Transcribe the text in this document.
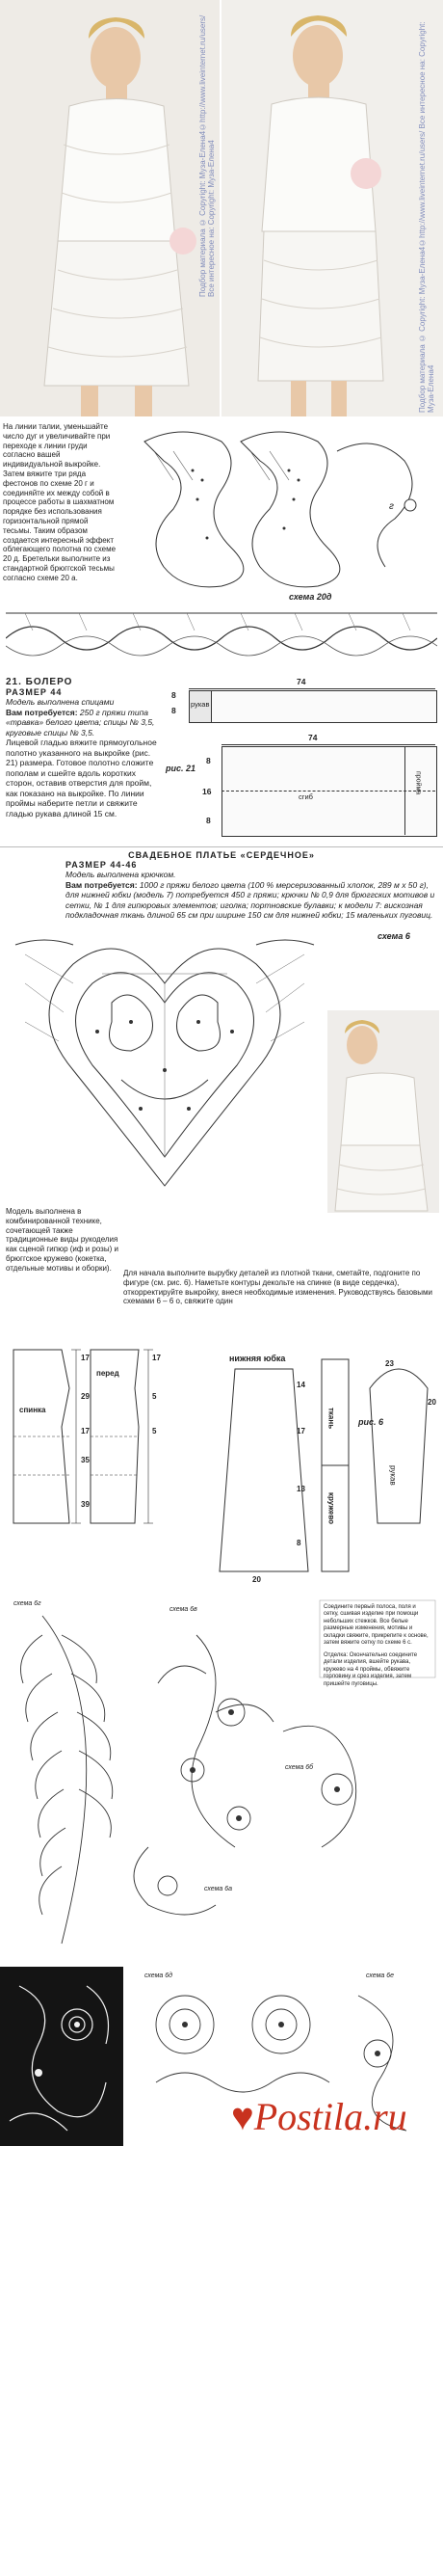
Подбор материала © Copyright: Муза-Елена4©http://www.liveinternet.ru/users/ Все интересное на: Copyright: Муза-Елена4	Подбор материала © Copyright: Муза-Елена4©http://www.liveinternet.ru/users/ Все интересное на: Copyright: Муза-Елена4
На линии талии, уменьшайте число дуг и увеличивайте при переходе к линии груди согласно вашей индивидуальной выкройке. Затем вяжите три ряда фестонов по схеме 20 г и соединяйте их между собой в процессе работы в шахматном порядке без использования горизонтальной прямой тесьмы. Таким образом создается интересный эффект облегающего полотна по схеме 20 д. Бретельки выполните из стандартной брюггской тесьмы согласно схеме 20 а.
г
схема 20д
21. БОЛЕРО
РАЗМЕР 44
Модель выполнена спицами
Вам потребуется: 250 г пряжи типа «травка» белого цвета; спицы № 3,5, круговые спицы № 3,5.
Лицевой гладью вяжите прямоугольное полотно указанного на выкройке (рис. 21) размера. Готовое полотно сложите пополам и сшейте вдоль коротких сторон, оставив отверстия для пройм, как показано на выкройке. По линии проймы наберите петли и свяжите гладью рукава длиной 15 см.
74
рукав
8
8
рис. 21
74
сгиб
пройма
8
16
8
СВАДЕБНОЕ ПЛАТЬЕ «СЕРДЕЧНОЕ»
РАЗМЕР 44-46
Модель выполнена крючком.
Вам потребуется: 1000 г пряжи белого цвета (100 % мерсеризованный хлопок, 289 м x 50 г), для нижней юбки (модель 7) потребуется 450 г пряжи; крючки № 0,9 для брюггских мотивов и сетки, № 1 для гипюровых элементов; иголка; портновские булавки; к модели 7: вискозная подкладочная ткань длиной 65 см при ширине 150 см для нижней юбки; 15 маленьких пуговиц.
схема 6
Модель выполнена в комбинированной технике, сочетающей также традиционные виды рукоделия как сценой гипюр (иф и розы) и брюггское кружево (кокетка, отдельные мотивы и оборки).
Для начала выполните вырубку деталей из плотной ткани, сметайте, подгоните по фигуре (см. рис. 6). Наметьте контуры декольте на спинке (в виде сердечка), откорректируйте выкройку, внеся необходимые изменения. Руководствуясь базовыми схемами 6 – 6 о, свяжите один
спинка
перед
нижняя юбка
ткань
кружево
рис. 6
рукав
17
29
17
35
39
17
5
5
20
14
17
13
8
23
20
Соедините первый полоса, поля и сетку, сшивая изделие при помощи небольших стежков. Все белые размерные изменения, мотивы и складки свяжите, прикрепите к основе, затем вяжите сетку по схеме 6 с.
Отделка: Окончательно соедините детали изделия, вшейте рукава, кружево на 4 проймы, обвяжите горловину и срез изделия, затем пришейте пуговицы.
схема 6г
схема 6в
схема 6б
схема 6а
схема 6д	схема 6е
♥Postila.ru
